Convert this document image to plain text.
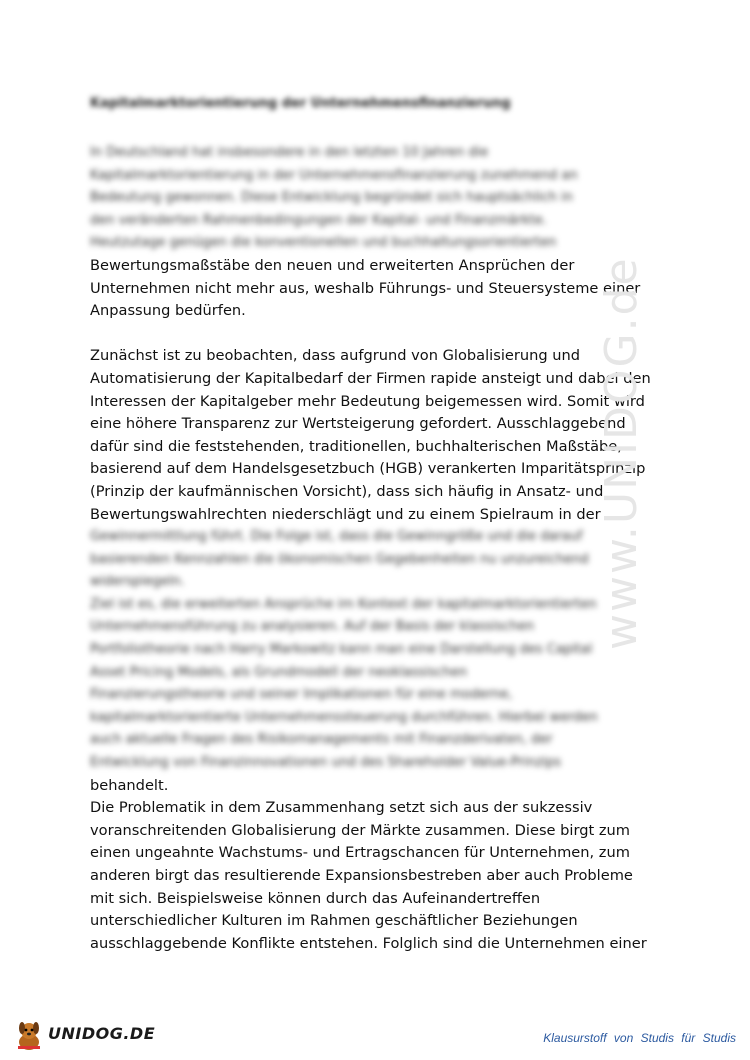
Kapitalmarktorientierung der Unternehmensfinanzierung
In Deutschland hat insbesondere in den letzten 10 Jahren die
Kapitalmarktorientierung in der Unternehmensfinanzierung zunehmend an
Bedeutung gewonnen. Diese Entwicklung begründet sich hauptsächlich in
den veränderten Rahmenbedingungen der Kapital- und Finanzmärkte.
Heutzutage genügen die konventionellen und buchhaltungsorientierten
Bewertungsmaßstäbe den neuen und erweiterten Ansprüchen der
Unternehmen nicht mehr aus, weshalb Führungs- und Steuersysteme einer
Anpassung bedürfen.
Zunächst ist zu beobachten, dass aufgrund von Globalisierung und
Automatisierung der Kapitalbedarf der Firmen rapide ansteigt und dabei den
Interessen der Kapitalgeber mehr Bedeutung beigemessen wird. Somit wird
eine höhere Transparenz zur Wertsteigerung gefordert. Ausschlaggebend
dafür sind die feststehenden, traditionellen, buchhalterischen Maßstäbe,
basierend auf dem Handelsgesetzbuch (HGB) verankerten Imparitätsprinzip
(Prinzip der kaufmännischen Vorsicht), dass sich häufig in Ansatz- und
Bewertungswahlrechten niederschlägt und zu einem Spielraum in der
Gewinnermittlung führt. Die Folge ist, dass die Gewinngröße und die darauf
basierenden Kennzahlen die ökonomischen Gegebenheiten nu unzureichend
widerspiegeln.
Ziel ist es, die erweiterten Ansprüche im Kontext der kapitalmarktorientierten
Unternehmensführung zu analysieren. Auf der Basis der klassischen
Portfoliotheorie nach Harry Markowitz kann man eine Darstellung des Capital
Asset Pricing Models, als Grundmodell der neoklassischen
Finanzierungstheorie und seiner Implikationen für eine moderne,
kapitalmarktorientierte Unternehmenssteuerung durchführen. Hierbei werden
auch aktuelle Fragen des Risikomanagements mit Finanzderivaten, der
Entwicklung von Finanzinnovationen und des Shareholder Value-Prinzips
behandelt.
Die Problematik in dem Zusammenhang setzt sich aus der sukzessiv
voranschreitenden Globalisierung der Märkte zusammen. Diese birgt zum
einen ungeahnte Wachstums- und Ertragschancen für Unternehmen, zum
anderen birgt das resultierende Expansionsbestreben aber auch Probleme
mit sich. Beispielsweise können durch das Aufeinandertreffen
unterschiedlicher Kulturen im Rahmen geschäftlicher Beziehungen
ausschlaggebende Konflikte entstehen. Folglich sind die Unternehmen einer
www.UNIDOG.de
UNIDOG.DE	Klausurstoff von Studis für Studis
